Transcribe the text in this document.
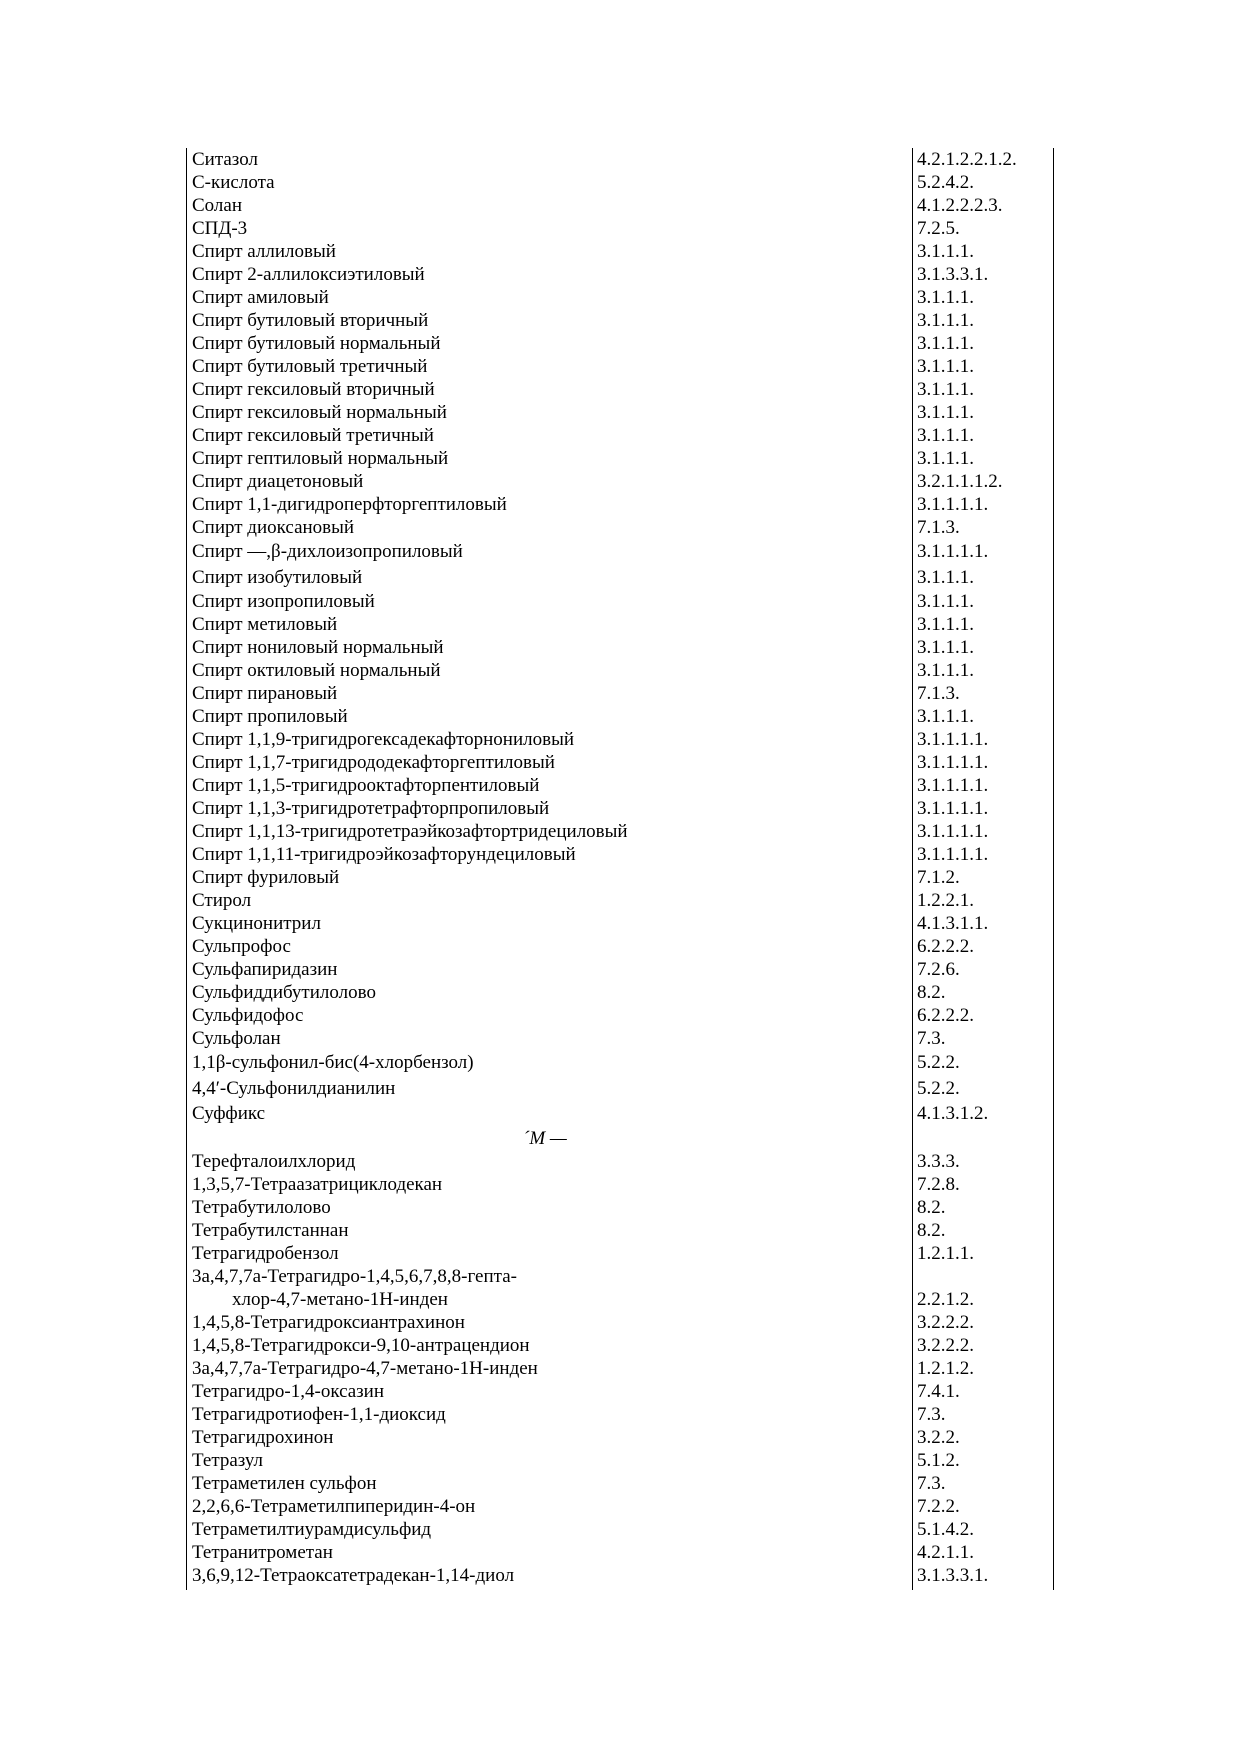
Ситазол	4.2.1.2.2.1.2.
С-кислота	5.2.4.2.
Солан	4.1.2.2.2.3.
СПД-3	7.2.5.
Спирт аллиловый	3.1.1.1.
Спирт 2-аллилоксиэтиловый	3.1.3.3.1.
Спирт амиловый	3.1.1.1.
Спирт бутиловый вторичный	3.1.1.1.
Спирт бутиловый нормальный	3.1.1.1.
Спирт бутиловый третичный	3.1.1.1.
Спирт гексиловый вторичный	3.1.1.1.
Спирт гексиловый нормальный	3.1.1.1.
Спирт гексиловый третичный	3.1.1.1.
Спирт гептиловый нормальный	3.1.1.1.
Спирт диацетоновый	3.2.1.1.1.2.
Спирт 1,1-дигидроперфторгептиловый	3.1.1.1.1.
Спирт диоксановый	7.1.3.
Спирт —,β-дихлоизопропиловый	3.1.1.1.1.
Спирт изобутиловый	3.1.1.1.
Спирт изопропиловый	3.1.1.1.
Спирт метиловый	3.1.1.1.
Спирт нониловый нормальный	3.1.1.1.
Спирт октиловый нормальный	3.1.1.1.
Спирт пирановый	7.1.3.
Спирт пропиловый	3.1.1.1.
Спирт 1,1,9-тригидрогексадекафторнониловый	3.1.1.1.1.
Спирт 1,1,7-тригидрододекафторгептиловый	3.1.1.1.1.
Спирт 1,1,5-тригидрооктафторпентиловый	3.1.1.1.1.
Спирт 1,1,3-тригидротетрафторпропиловый	3.1.1.1.1.
Спирт 1,1,13-тригидротетраэйкозафтортридециловый	3.1.1.1.1.
Спирт 1,1,11-тригидроэйкозафторундециловый	3.1.1.1.1.
Спирт фуриловый	7.1.2.
Стирол	1.2.2.1.
Сукцинонитрил	4.1.3.1.1.
Сульпрофос	6.2.2.2.
Сульфапиридазин	7.2.6.
Сульфиддибутилолово	8.2.
Сульфидофос	6.2.2.2.
Сульфолан	7.3.
1,1β-сульфонил-бис(4-хлорбензол)	5.2.2.
4,4′-Сульфонилдианилин	5.2.2.
Суффикс	4.1.3.1.2.
´М —
Терефталоилхлорид	3.3.3.
1,3,5,7-Тетраазатрициклодекан	7.2.8.
Тетрабутилолово	8.2.
Тетрабутилстаннан	8.2.
Тетрагидробензол	1.2.1.1.
3а,4,7,7а-Тетрагидро-1,4,5,6,7,8,8-гепта-
хлор-4,7-метано-1Н-инден	2.2.1.2.
1,4,5,8-Тетрагидроксиантрахинон	3.2.2.2.
1,4,5,8-Тетрагидрокси-9,10-антрацендион	3.2.2.2.
3а,4,7,7а-Тетрагидро-4,7-метано-1Н-инден	1.2.1.2.
Тетрагидро-1,4-оксазин	7.4.1.
Тетрагидротиофен-1,1-диоксид	7.3.
Тетрагидрохинон	3.2.2.
Тетразул	5.1.2.
Тетраметилен сульфон	7.3.
2,2,6,6-Тетраметилпиперидин-4-он	7.2.2.
Тетраметилтиурамдисульфид	5.1.4.2.
Тетранитрометан	4.2.1.1.
3,6,9,12-Тетраоксатетрадекан-1,14-диол	3.1.3.3.1.
